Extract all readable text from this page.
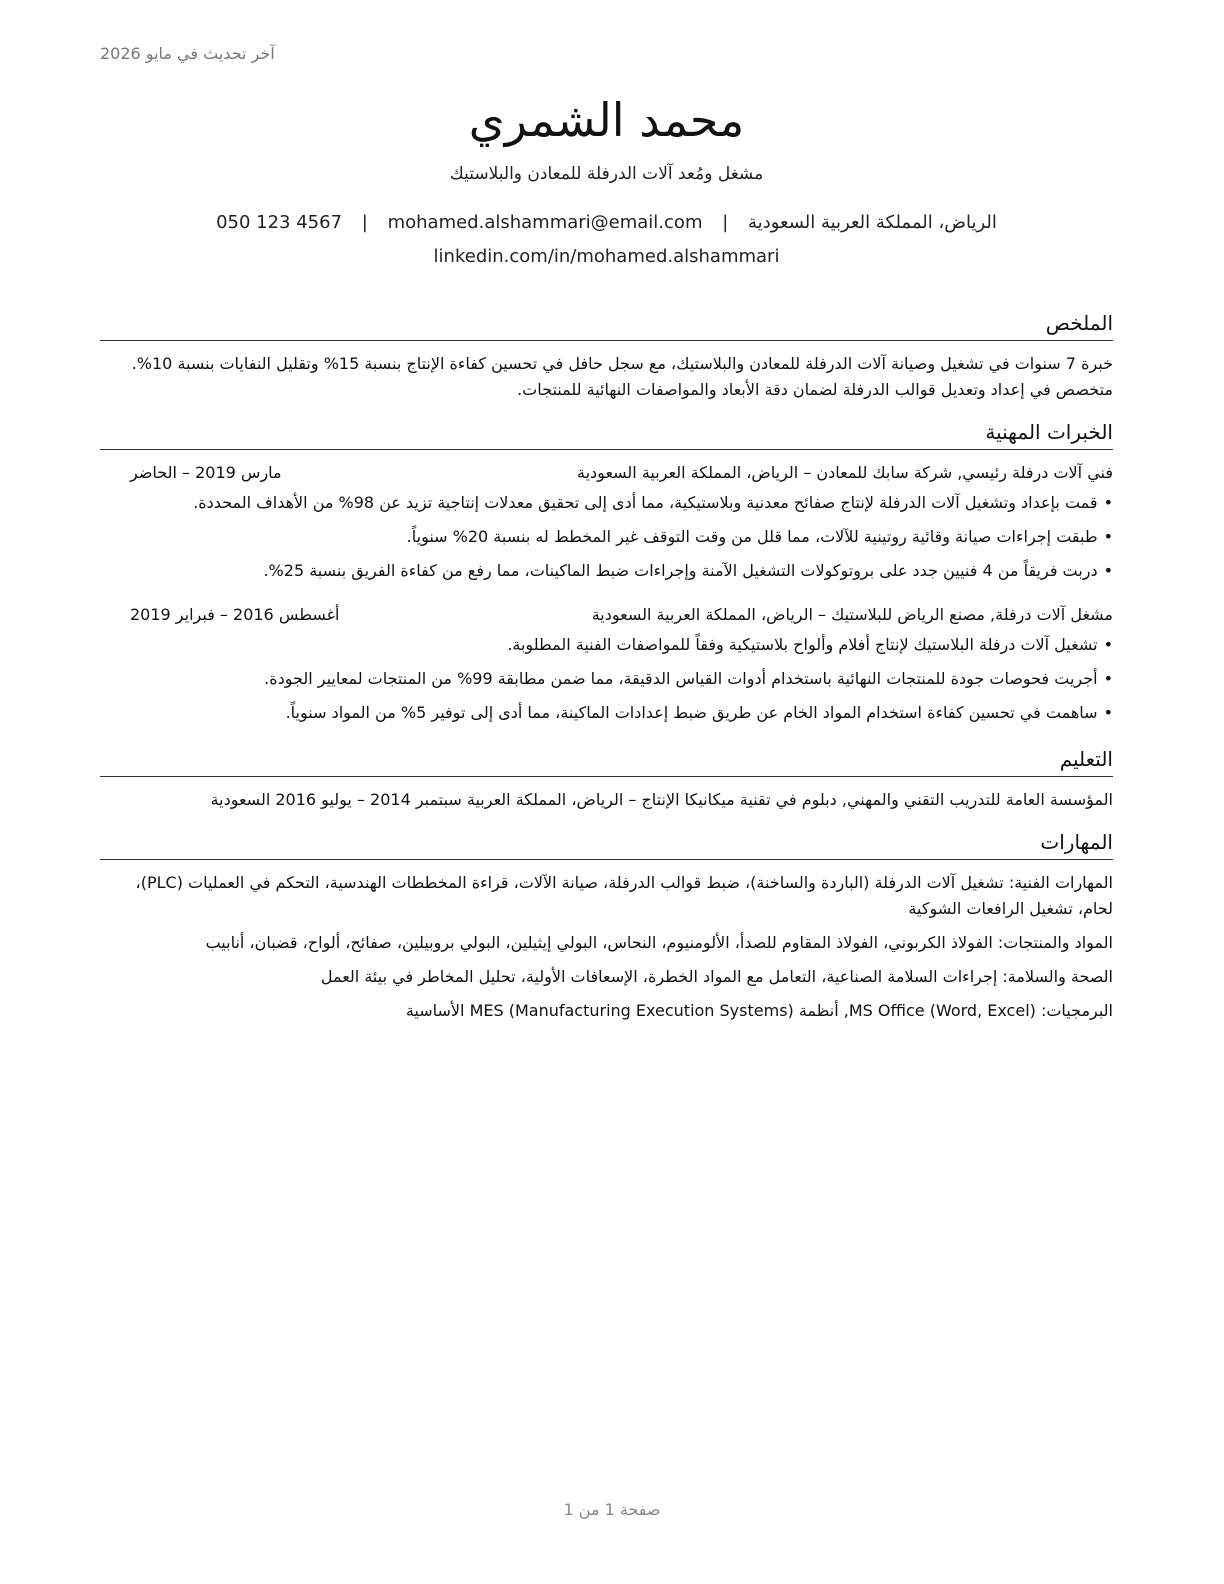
آخر تحديث في مايو 2026
محمد الشمري
مشغل ومُعد آلات الدرفلة للمعادن والبلاستيك
الرياض، المملكة العربية السعودية | mohamed.alshammari@email.com | 050 123 4567
linkedin.com/in/mohamed.alshammari
الملخص

خبرة 7 سنوات في تشغيل وصيانة آلات الدرفلة للمعادن والبلاستيك، مع سجل حافل في تحسين كفاءة الإنتاج بنسبة 15% وتقليل النفايات بنسبة 10%. متخصص في إعداد وتعديل قوالب الدرفلة لضمان دقة الأبعاد والمواصفات النهائية للمنتجات.

الخبرات المهنية
فني آلات درفلة رئيسي, شركة سابك للمعادن – الرياض، المملكة العربية السعودية
مارس 2019 – الحاضر
•قمت بإعداد وتشغيل آلات الدرفلة لإنتاج صفائح معدنية وبلاستيكية، مما أدى إلى تحقيق معدلات إنتاجية تزيد عن 98% من الأهداف المحددة.
•طبقت إجراءات صيانة وقائية روتينية للآلات، مما قلل من وقت التوقف غير المخطط له بنسبة 20% سنوياً.
•دربت فريقاً من 4 فنيين جدد على بروتوكولات التشغيل الآمنة وإجراءات ضبط الماكينات، مما رفع من كفاءة الفريق بنسبة 25%.
مشغل آلات درفلة, مصنع الرياض للبلاستيك – الرياض، المملكة العربية السعودية
أغسطس 2016 – فبراير 2019
•تشغيل آلات درفلة البلاستيك لإنتاج أفلام وألواح بلاستيكية وفقاً للمواصفات الفنية المطلوبة.
•أجريت فحوصات جودة للمنتجات النهائية باستخدام أدوات القياس الدقيقة، مما ضمن مطابقة 99% من المنتجات لمعايير الجودة.
•ساهمت في تحسين كفاءة استخدام المواد الخام عن طريق ضبط إعدادات الماكينة، مما أدى إلى توفير 5% من المواد سنوياً.
التعليم

المؤسسة العامة للتدريب التقني والمهني, دبلوم في تقنية ميكانيكا الإنتاج – الرياض، المملكة العربية سبتمبر 2014 – يوليو 2016 السعودية

المهارات

المهارات الفنية: تشغيل آلات الدرفلة (الباردة والساخنة)، ضبط قوالب الدرفلة، صيانة الآلات، قراءة المخططات الهندسية، التحكم في العمليات (PLC)، لحام، تشغيل الرافعات الشوكية

المواد والمنتجات: الفولاذ الكربوني، الفولاذ المقاوم للصدأ، الألومنيوم، النحاس، البولي إيثيلين، البولي بروبيلين، صفائح، ألواح، قضبان، أنابيب

الصحة والسلامة: إجراءات السلامة الصناعية، التعامل مع المواد الخطرة، الإسعافات الأولية، تحليل المخاطر في بيئة العمل

البرمجيات: MS Office (Word, Excel), أنظمة MES (Manufacturing Execution Systems) الأساسية

صفحة 1 من 1
